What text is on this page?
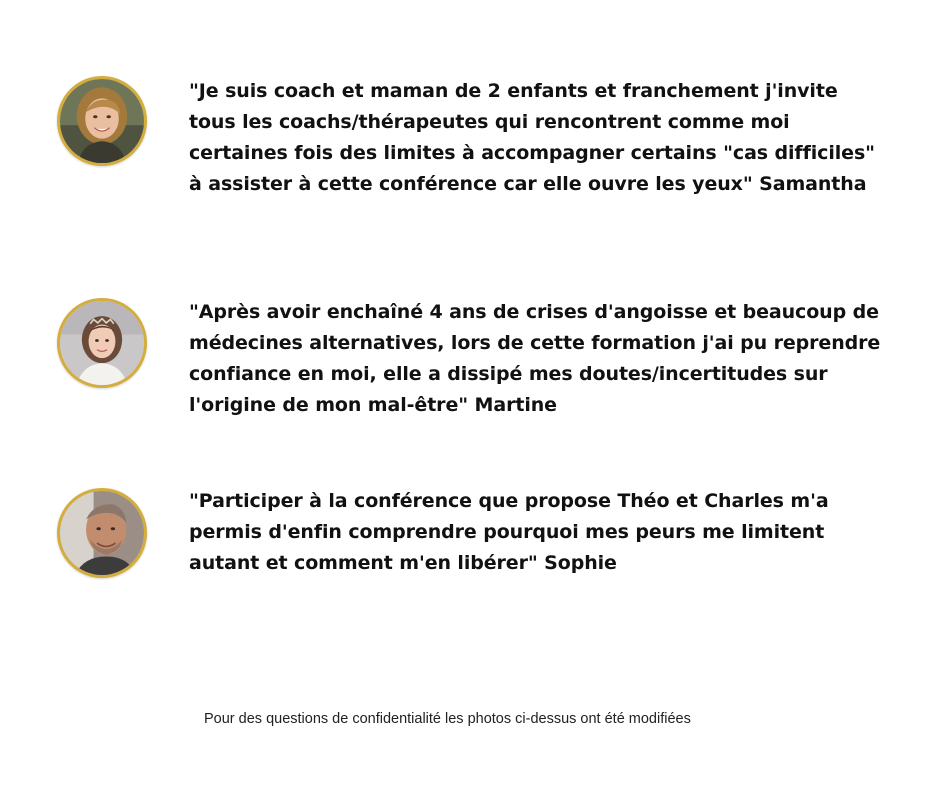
"Je suis coach et maman de 2 enfants et franchement j'invite tous les coachs/thérapeutes qui rencontrent comme moi certaines fois des limites à accompagner certains "cas difficiles" à assister à cette conférence car elle ouvre les yeux" Samantha

"Après avoir enchaîné 4 ans de crises d'angoisse et beaucoup de médecines alternatives, lors de cette formation j'ai pu reprendre confiance en moi, elle a dissipé mes doutes/incertitudes sur l'origine de mon mal-être" Martine

"Participer à la conférence que propose Théo et Charles m'a permis d'enfin comprendre pourquoi mes peurs me limitent autant et comment m'en libérer" Sophie

Pour des questions de confidentialité les photos ci-dessus ont été modifiées
